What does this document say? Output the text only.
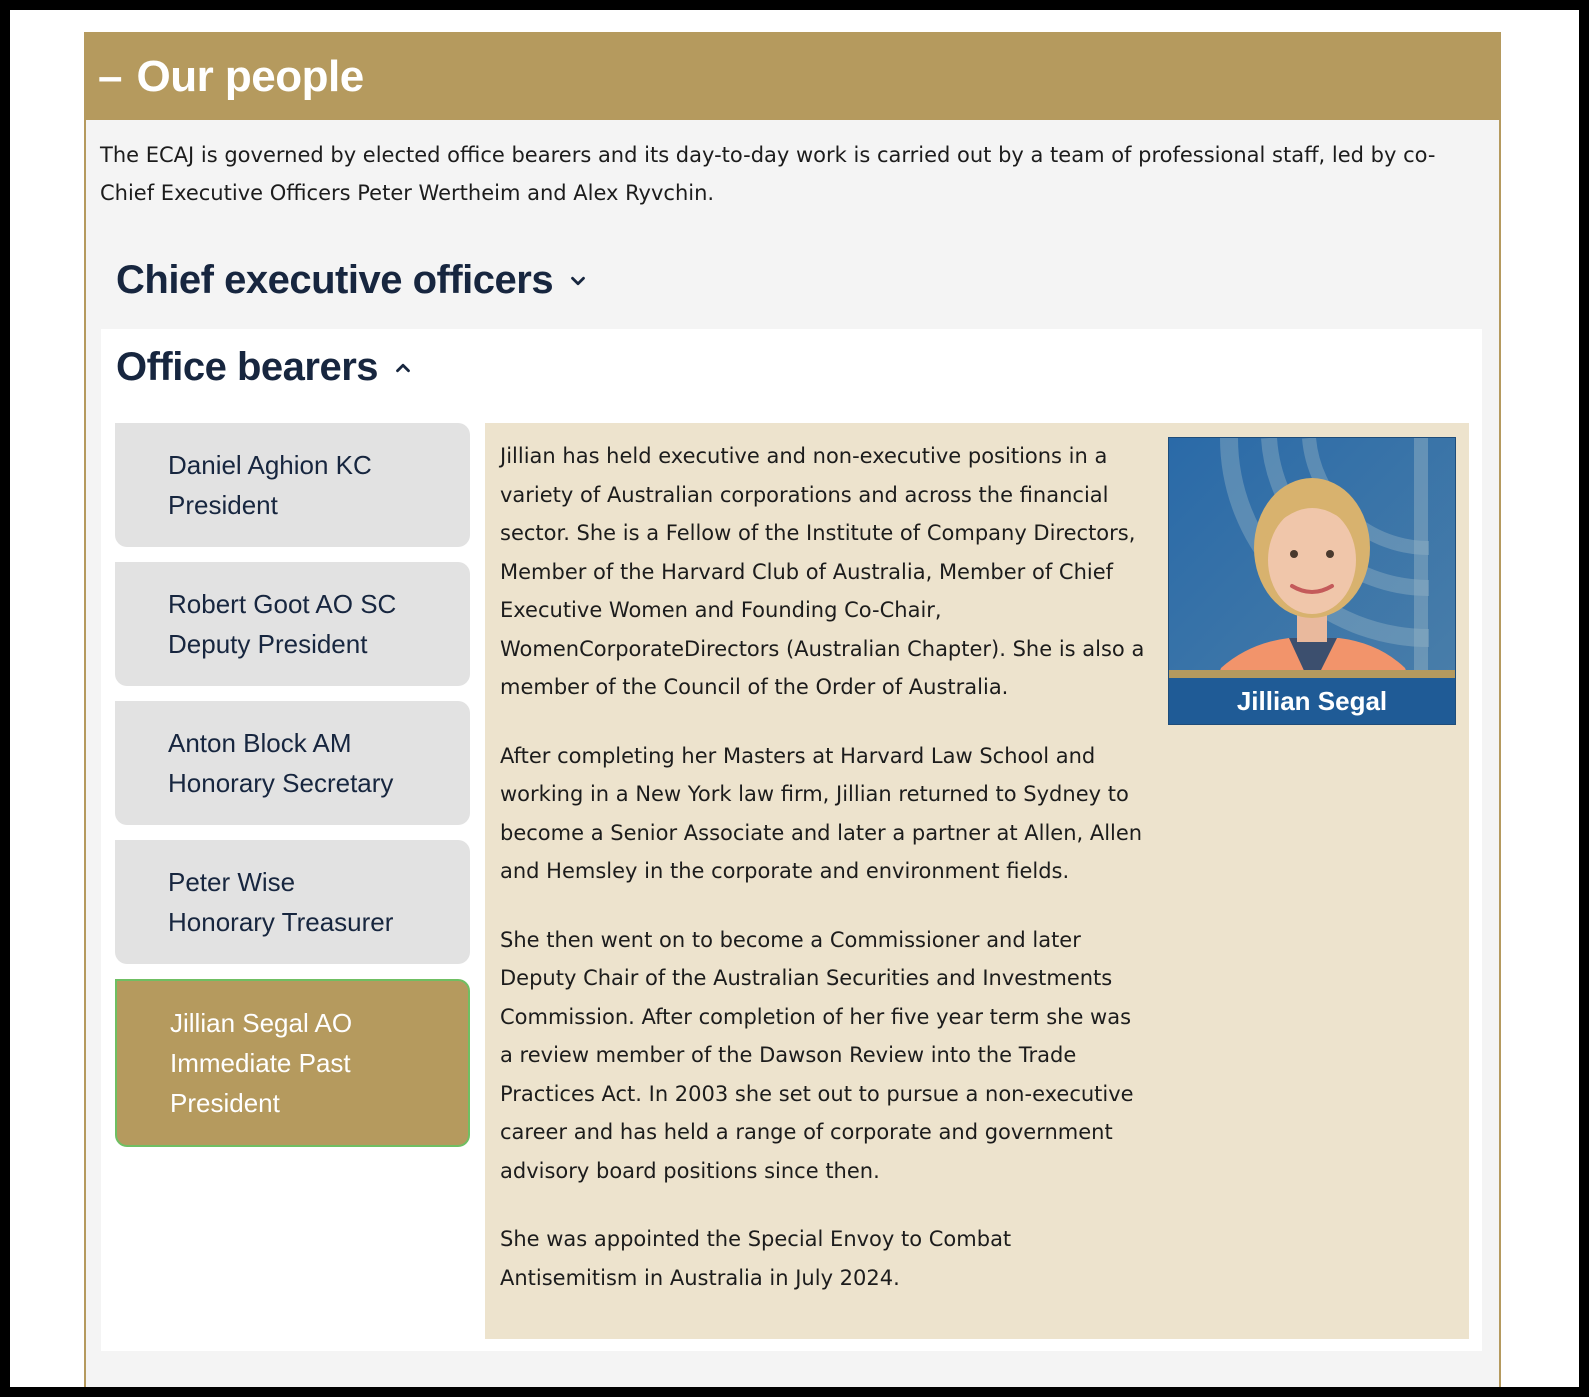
– Our people
The ECAJ is governed by elected office bearers and its day-to-day work is carried out by a team of professional staff, led by co-Chief Executive Officers Peter Wertheim and Alex Ryvchin.
Chief executive officers
Office bearers
Daniel Aghion KC
President
Robert Goot AO SC
Deputy President
Anton Block AM
Honorary Secretary
Peter Wise
Honorary Treasurer
Jillian Segal AO
Immediate Past President

Jillian has held executive and non-executive positions in a variety of Australian corporations and across the financial sector. She is a Fellow of the Institute of Company Directors, Member of the Harvard Club of Australia, Member of Chief Executive Women and Founding Co-Chair, WomenCorporateDirectors (Australian Chapter). She is also a member of the Council of the Order of Australia.

After completing her Masters at Harvard Law School and working in a New York law firm, Jillian returned to Sydney to become a Senior Associate and later a partner at Allen, Allen and Hemsley in the corporate and environment fields.

She then went on to become a Commissioner and later Deputy Chair of the Australian Securities and Investments Commission. After completion of her five year term she was a review member of the Dawson Review into the Trade Practices Act. In 2003 she set out to pursue a non-executive career and has held a range of corporate and government advisory board positions since then.

She was appointed the Special Envoy to Combat Antisemitism in Australia in July 2024.

Jillian Segal
